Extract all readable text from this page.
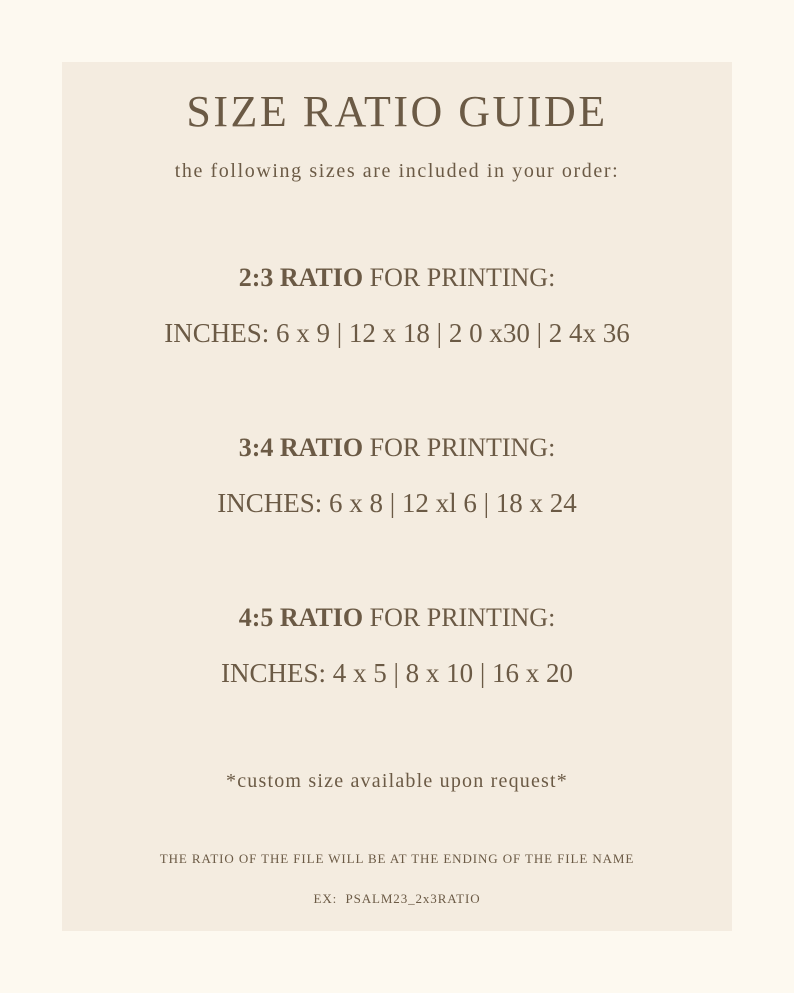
SIZE RATIO GUIDE
the following sizes are included in your order:
2:3 RATIO FOR PRINTING:
INCHES: 6 x 9 | 12 x 18 | 2 0 x30 | 2 4x 36
3:4 RATIO FOR PRINTING:
INCHES: 6 x 8 | 12 xl 6 | 18 x 24
4:5 RATIO FOR PRINTING:
INCHES: 4 x 5 | 8 x 10 | 16 x 20
*custom size available upon request*
THE RATIO OF THE FILE WILL BE AT THE ENDING OF THE FILE NAME
EX:  PSALM23_2x3RATIO
